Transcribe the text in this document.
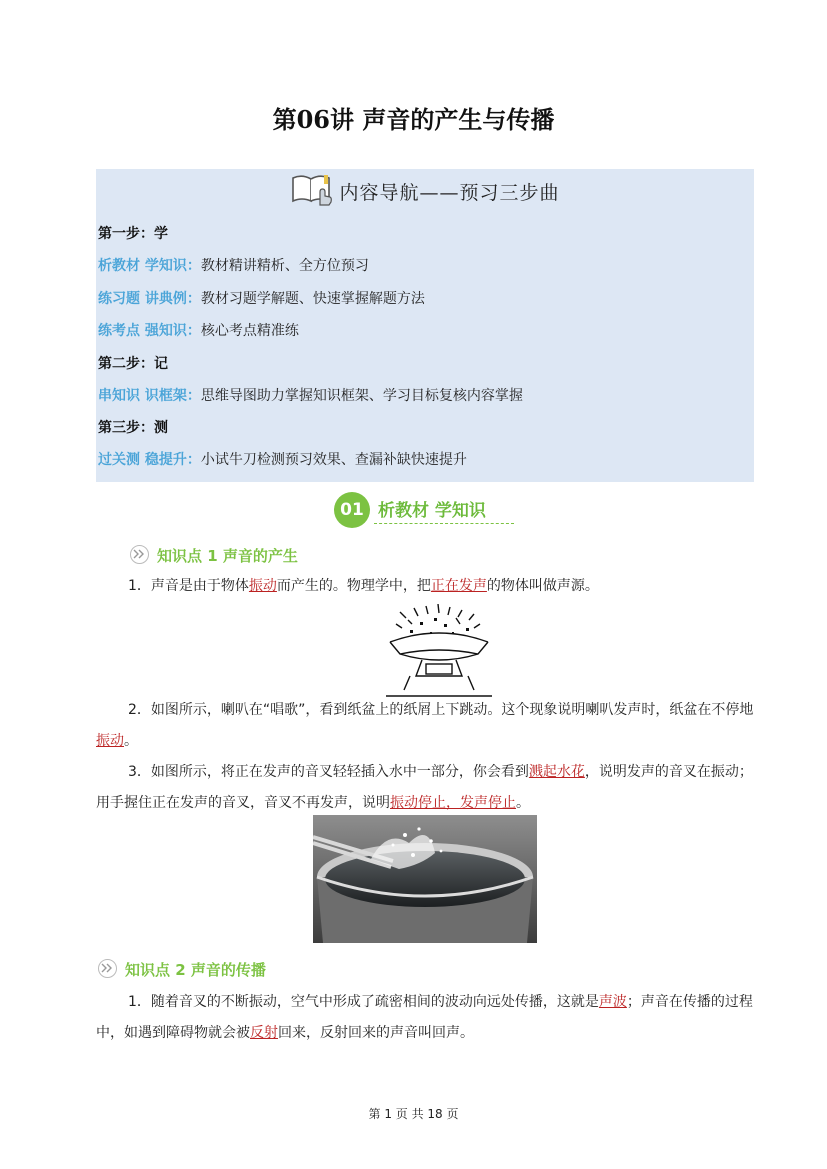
第06讲 声音的产生与传播
内容导航——预习三步曲
第一步：学
析教材 学知识：教材精讲精析、全方位预习
练习题 讲典例：教材习题学解题、快速掌握解题方法
练考点 强知识：核心考点精准练
第二步：记
串知识 识框架：思维导图助力掌握知识框架、学习目标复核内容掌握
第三步：测
过关测 稳提升：小试牛刀检测预习效果、查漏补缺快速提升
01 析教材 学知识
知识点 1 声音的产生
1．声音是由于物体振动而产生的。物理学中，把正在发声的物体叫做声源。
2．如图所示，喇叭在“唱歌”，看到纸盆上的纸屑上下跳动。这个现象说明喇叭发声时，纸盆在不停地振动。
3．如图所示，将正在发声的音叉轻轻插入水中一部分，你会看到溅起水花，说明发声的音叉在振动；用手握住正在发声的音叉，音叉不再发声，说明振动停止，发声停止。
知识点 2 声音的传播
1．随着音叉的不断振动，空气中形成了疏密相间的波动向远处传播，这就是声波；声音在传播的过程中，如遇到障碍物就会被反射回来，反射回来的声音叫回声。
第 1 页 共 18 页
